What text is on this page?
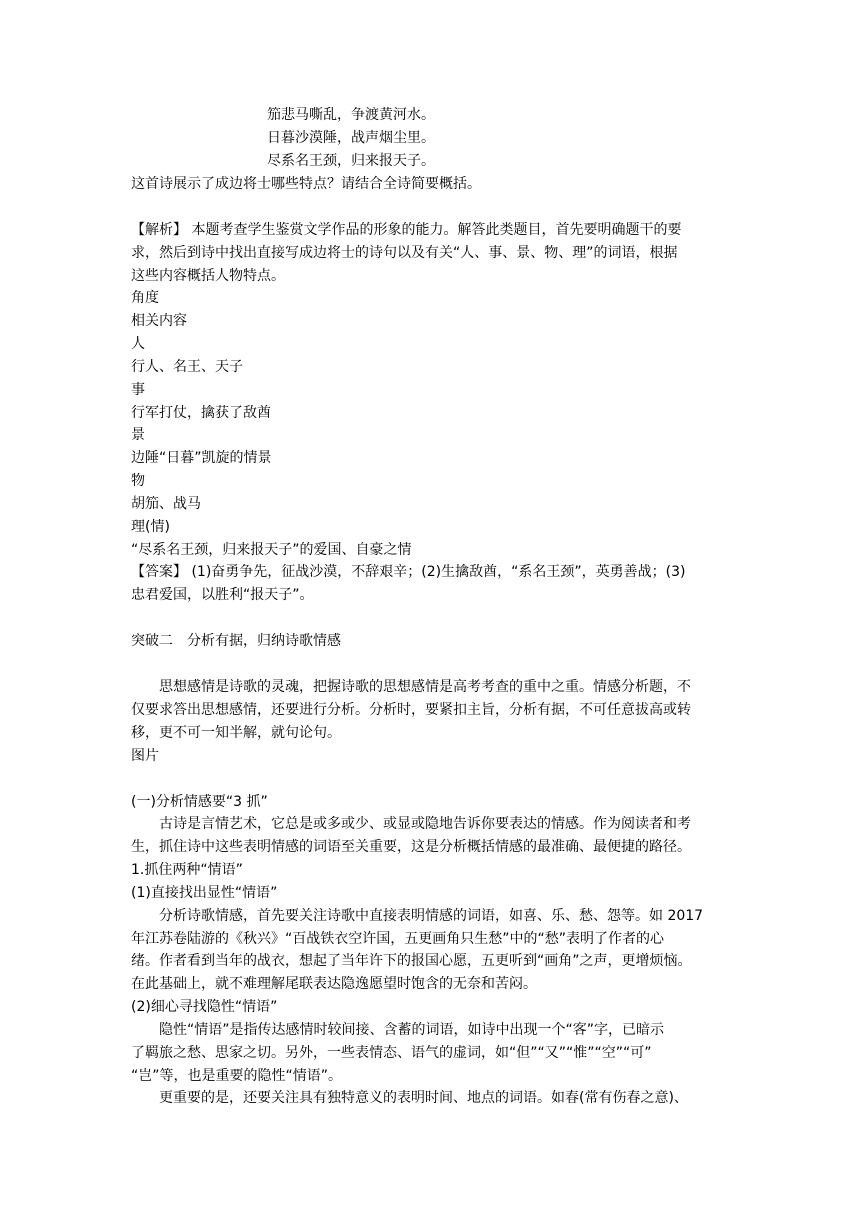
笳悲马嘶乱，争渡黄河水。
日暮沙漠陲，战声烟尘里。
尽系名王颈，归来报天子。
这首诗展示了成边将士哪些特点？请结合全诗简要概括。
【解析】 本题考查学生鉴赏文学作品的形象的能力。解答此类题目，首先要明确题干的要
求，然后到诗中找出直接写成边将士的诗句以及有关“人、事、景、物、理”的词语，根据
这些内容概括人物特点。
角度
相关内容
人
行人、名王、天子
事
行军打仗，擒获了敌酋
景
边陲“日暮”凯旋的情景
物
胡笳、战马
理(情)
“尽系名王颈，归来报天子”的爱国、自豪之情
【答案】 (1)奋勇争先，征战沙漠，不辞艰辛；(2)生擒敌酋，“系名王颈”，英勇善战；(3)
忠君爱国，以胜利“报天子”。
突破二　分析有据，归纳诗歌情感
思想感情是诗歌的灵魂，把握诗歌的思想感情是高考考查的重中之重。情感分析题，不
仅要求答出思想感情，还要进行分析。分析时，要紧扣主旨，分析有据，不可任意拔高或转
移，更不可一知半解，就句论句。
图片
(一)分析情感要“3 抓”
古诗是言情艺术，它总是或多或少、或显或隐地告诉你要表达的情感。作为阅读者和考
生，抓住诗中这些表明情感的词语至关重要，这是分析概括情感的最准确、最便捷的路径。
1.抓住两种“情语”
(1)直接找出显性“情语”
分析诗歌情感，首先要关注诗歌中直接表明情感的词语，如喜、乐、愁、怨等。如 2017
年江苏卷陆游的《秋兴》“百战铁衣空许国，五更画角只生愁”中的“愁”表明了作者的心
绪。作者看到当年的战衣，想起了当年许下的报国心愿，五更听到“画角”之声，更增烦恼。
在此基础上，就不难理解尾联表达隐逸愿望时饱含的无奈和苦闷。
(2)细心寻找隐性“情语”
隐性“情语”是指传达感情时较间接、含蓄的词语，如诗中出现一个“客”字，已暗示
了羁旅之愁、思家之切。另外，一些表情态、语气的虚词，如“但”“又”“惟”“空”“可”
“岂”等，也是重要的隐性“情语”。
更重要的是，还要关注具有独特意义的表明时间、地点的词语。如春(常有伤春之意)、
